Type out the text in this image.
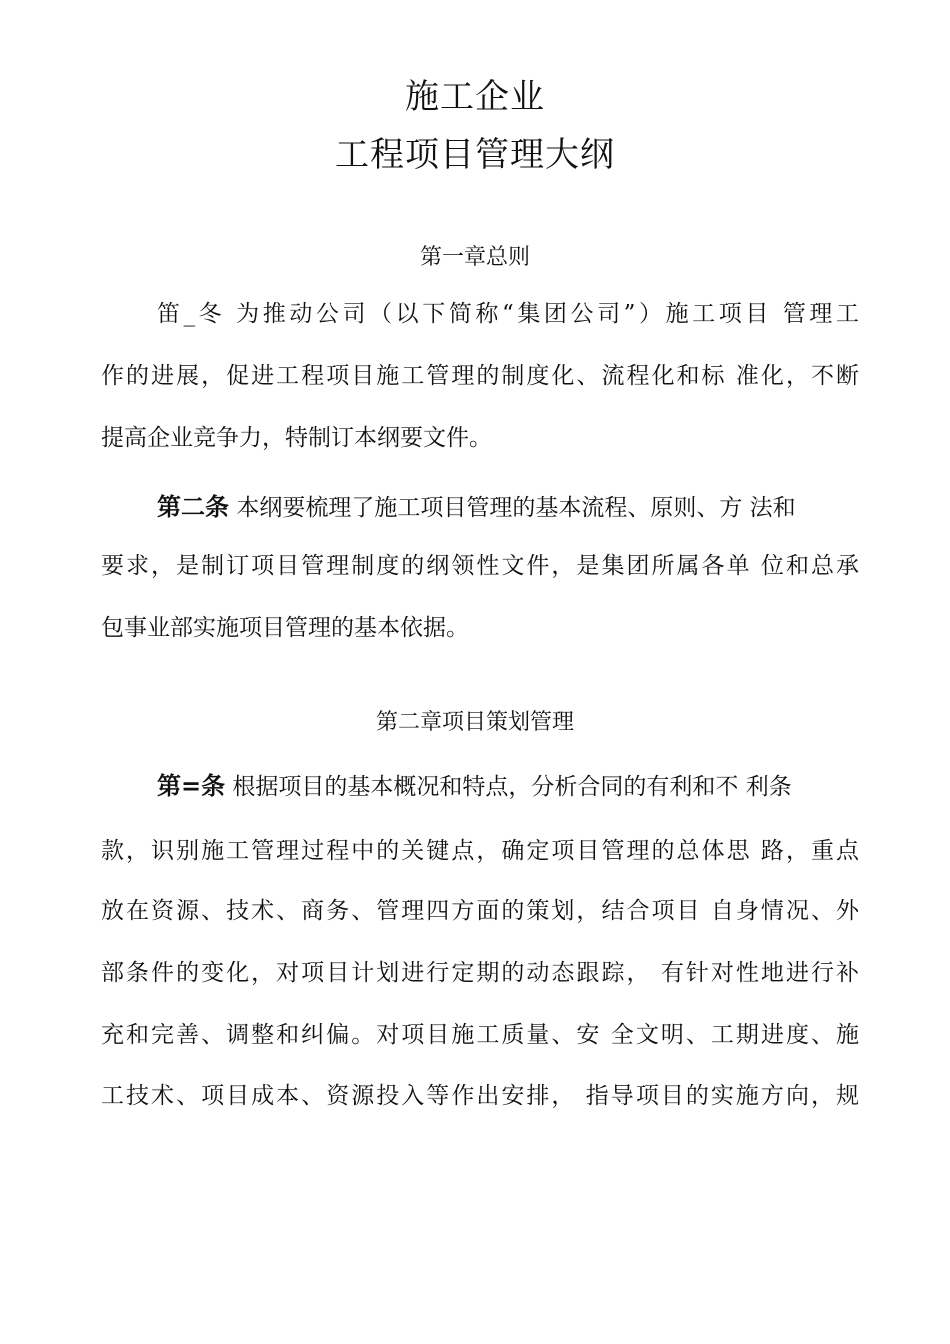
施工企业
工程项目管理大纲
第一章总则
笛_冬 为推动公司（以下简称“集团公司”）施工项目 管理工
作的进展，促进工程项目施工管理的制度化、流程化和标 准化，不断
提高企业竞争力，特制订本纲要文件。
第二条 本纲要梳理了施工项目管理的基本流程、原则、方 法和
要求，是制订项目管理制度的纲领性文件，是集团所属各单 位和总承
包事业部实施项目管理的基本依据。
第二章项目策划管理
第=条 根据项目的基本概况和特点，分析合同的有利和不 利条
款，识别施工管理过程中的关键点，确定项目管理的总体思 路，重点
放在资源、技术、商务、管理四方面的策划，结合项目 自身情况、外
部条件的变化，对项目计划进行定期的动态跟踪， 有针对性地进行补
充和完善、调整和纠偏。对项目施工质量、安 全文明、工期进度、施
工技术、项目成本、资源投入等作出安排， 指导项目的实施方向，规
